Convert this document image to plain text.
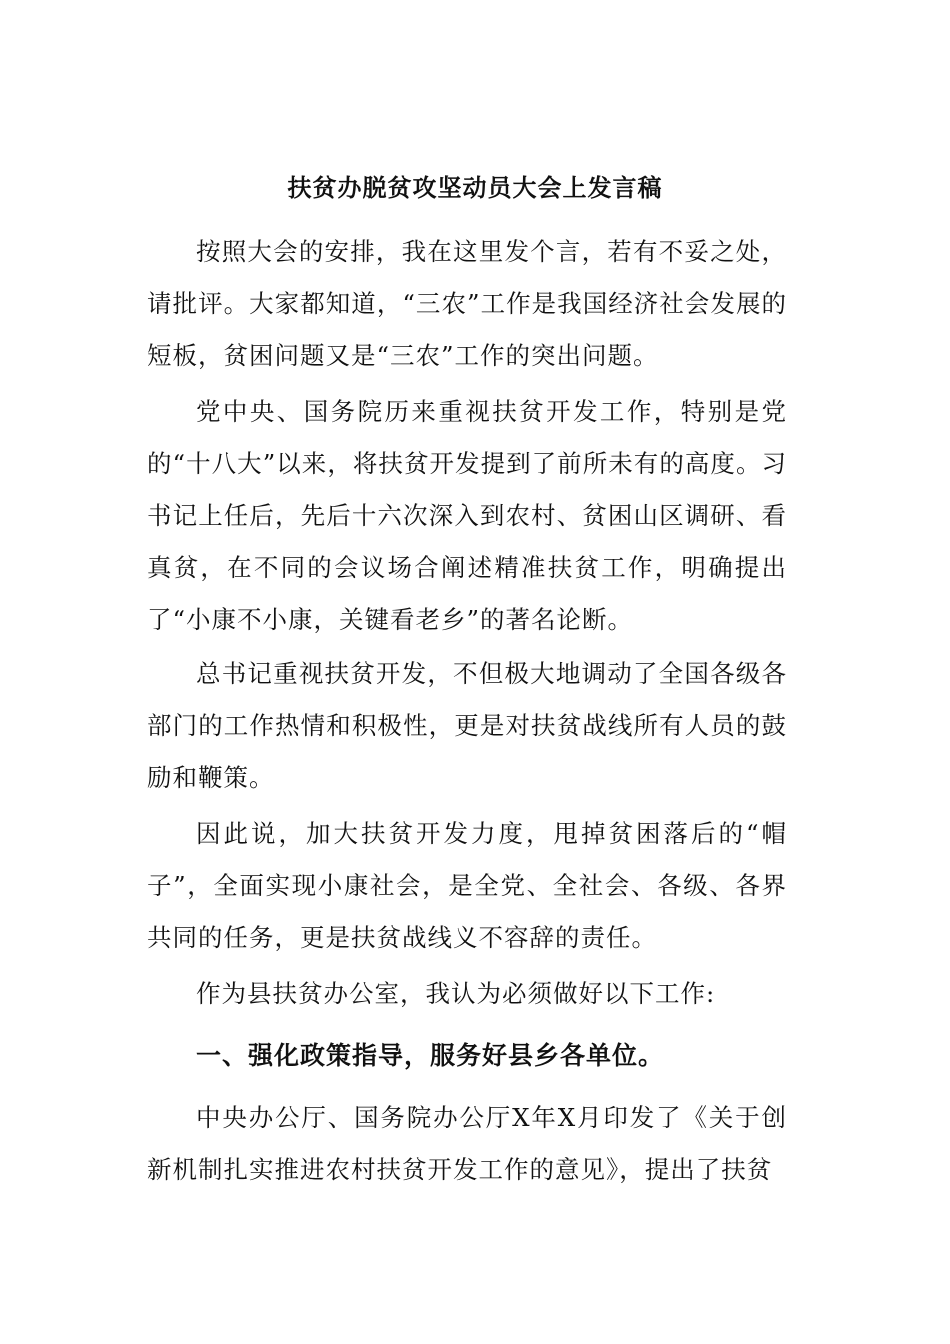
扶贫办脱贫攻坚动员大会上发言稿
按照大会的安排，我在这里发个言，若有不妥之处，请批评。大家都知道，“三农”工作是我国经济社会发展的短板，贫困问题又是“三农”工作的突出问题。
党中央、国务院历来重视扶贫开发工作，特别是党的“十八大”以来，将扶贫开发提到了前所未有的高度。习书记上任后，先后十六次深入到农村、贫困山区调研、看真贫，在不同的会议场合阐述精准扶贫工作，明确提出了“小康不小康，关键看老乡”的著名论断。
总书记重视扶贫开发，不但极大地调动了全国各级各部门的工作热情和积极性，更是对扶贫战线所有人员的鼓励和鞭策。
因此说，加大扶贫开发力度，甩掉贫困落后的“帽子”，全面实现小康社会，是全党、全社会、各级、各界共同的任务，更是扶贫战线义不容辞的责任。
作为县扶贫办公室，我认为必须做好以下工作:
一、强化政策指导，服务好县乡各单位。
中央办公厅、国务院办公厅X年X月印发了《关于创新机制扎实推进农村扶贫开发工作的意见》，提出了扶贫
